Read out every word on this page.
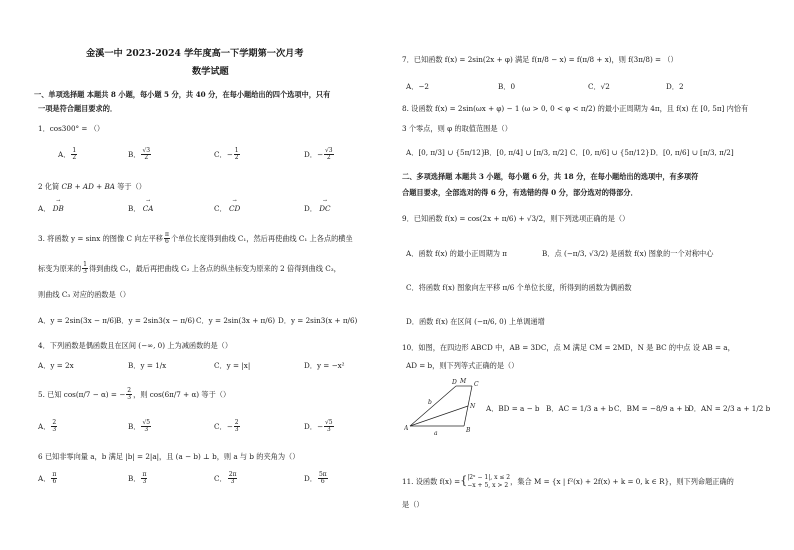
金溪一中 2023-2024 学年度高一下学期第一次月考
数学试题
一、单项选择题 本题共 8 小题，每小题 5 分，共 40 分，在每小题给出的四个选项中，只有
一项是符合题目要求的．
1．cos300° = （）
A． $\frac{1}{2}$	B． $\frac{√3}{2}$	C．− $\frac{1}{2}$	D．− $\frac{√3}{2}$
2 化简 CB + AD + BA 等于（）
A． → DB	B． → CA	C． → CD	D． → DC
3. 将函数 y = sinx 的图像 C 向左平移 $\frac{\pi}{6}$ 个单位长度得到曲线 C₁，然后再使曲线 C₁ 上各点的横坐
标变为原来的 $\frac{1}{3}$ 得到曲线 C₂，最后再把曲线 C₂ 上各点的纵坐标变为原来的 2 倍得到曲线 C₃，
则曲线 C₃ 对应的函数是（）
A．y = 2sin(3x − π/6) B．y = 2sin3(x − π/6) C．y = 2sin(3x + π/6) D．y = 2sin3(x + π/6)
4．下列函数是偶函数且在区间 (−∞, 0) 上为减函数的是（）
A．y = 2x	B．y = 1/x	C．y = |x|	D．y = −x²
5. 已知 cos(π/7 − α) = − $\frac{2}{3}$ ，则 cos(6π/7 + α) 等于（）
A． $\frac{2}{3}$	B． $\frac{√5}{3}$	C．− $\frac{2}{3}$	D．− $\frac{√5}{3}$
6 已知非零向量 a，b 满足 |b| = 2|a|，且 (a − b) ⊥ b，则 a 与 b 的夹角为（）
A． $\frac{\pi}{6}$	B． $\frac{\pi}{3}$	C． $\frac{2\pi}{3}$	D． $\frac{5\pi}{6}$
7．已知函数 f(x) = 2sin(2x + φ) 满足 f(π/8 − x) = f(π/8 + x)，则 f(3π/8) = （）
A．−2	B．0	C．√2	D．2
8. 设函数 f(x) = 2sin(ωx + φ) − 1 (ω > 0, 0 < φ < π/2) 的最小正周期为 4π，且 f(x) 在 [0, 5π] 内恰有
3 个零点，则 φ 的取值范围是（）
A．[0, π/3] ∪ {5π/12}
B．[0, π/4] ∪ [π/3, π/2] C．[0, π/6] ∪ {5π/12} D．[0, π/6] ∪ [π/3, π/2]
二、多项选择题 本题共 3 小题，每小题 6 分，共 18 分，在每小题给出的选项中，有多项符
合题目要求，全部选对的得 6 分，有选错的得 0 分，部分选对的得部分．
9．已知函数 f(x) = cos(2x + π/6) + √3/2，则下列选项正确的是（）
A．函数 f(x) 的最小正周期为 π	B．点 (−π/3, √3/2) 是函数 f(x) 图象的一个对称中心
C．将函数 f(x) 图象向左平移 π/6 个单位长度，所得到的函数为偶函数
D．函数 f(x) 在区间 (−π/6, 0) 上单调递增
10．如图，在四边形 ABCD 中，AB = 3DC，点 M 满足 CM = 2MD，N 是 BC 的中点 设 AB = a，
AD = b，则下列等式正确的是（）
A	B
C
D M
N
b
a
A．BD = a − b B．AC = 1/3 a + b C．BM = −8/9 a + b
D．AN = 2/3 a + 1/2 b
11. 设函数 f(x) ={ |2ˣ − 1|, x ≤ 2
−x + 5, x > 2 ，集合 M = {x | f²(x) + 2f(x) + k = 0, k ∈ R}，则下列命题正确的
是（）
